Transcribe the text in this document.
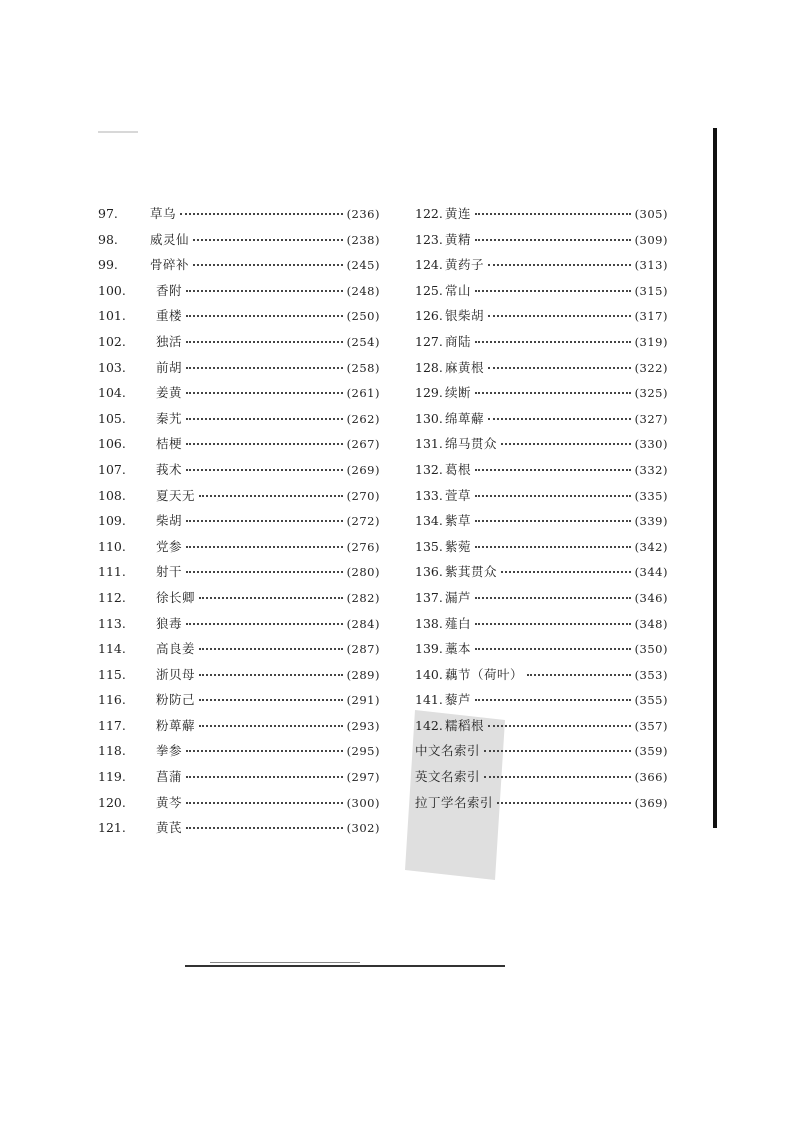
97.	草乌	(236)
98.	威灵仙	(238)
99.	骨碎补	(245)
100.	香附	(248)
101.	重楼	(250)
102.	独活	(254)
103.	前胡	(258)
104.	姜黄	(261)
105.	秦艽	(262)
106.	桔梗	(267)
107.	莪术	(269)
108.	夏天无	(270)
109.	柴胡	(272)
110.	党参	(276)
111.	射干	(280)
112.	徐长卿	(282)
113.	狼毒	(284)
114.	高良姜	(287)
115.	浙贝母	(289)
116.	粉防己	(291)
117.	粉萆薢	(293)
118.	拳参	(295)
119.	菖蒲	(297)
120.	黄芩	(300)
121.	黄芪	(302)
122. 黄连	(305)
123. 黄精	(309)
124. 黄药子	(313)
125. 常山	(315)
126. 银柴胡	(317)
127. 商陆	(319)
128. 麻黄根	(322)
129. 续断	(325)
130. 绵萆薢	(327)
131. 绵马贯众	(330)
132. 葛根	(332)
133. 萱草	(335)
134. 紫草	(339)
135. 紫菀	(342)
136. 紫萁贯众	(344)
137. 漏芦	(346)
138. 薤白	(348)
139. 藁本	(350)
140. 藕节（荷叶）	(353)
141. 藜芦	(355)
142. 糯稻根	(357)
中文名索引	(359)
英文名索引	(366)
拉丁学名索引	(369)
